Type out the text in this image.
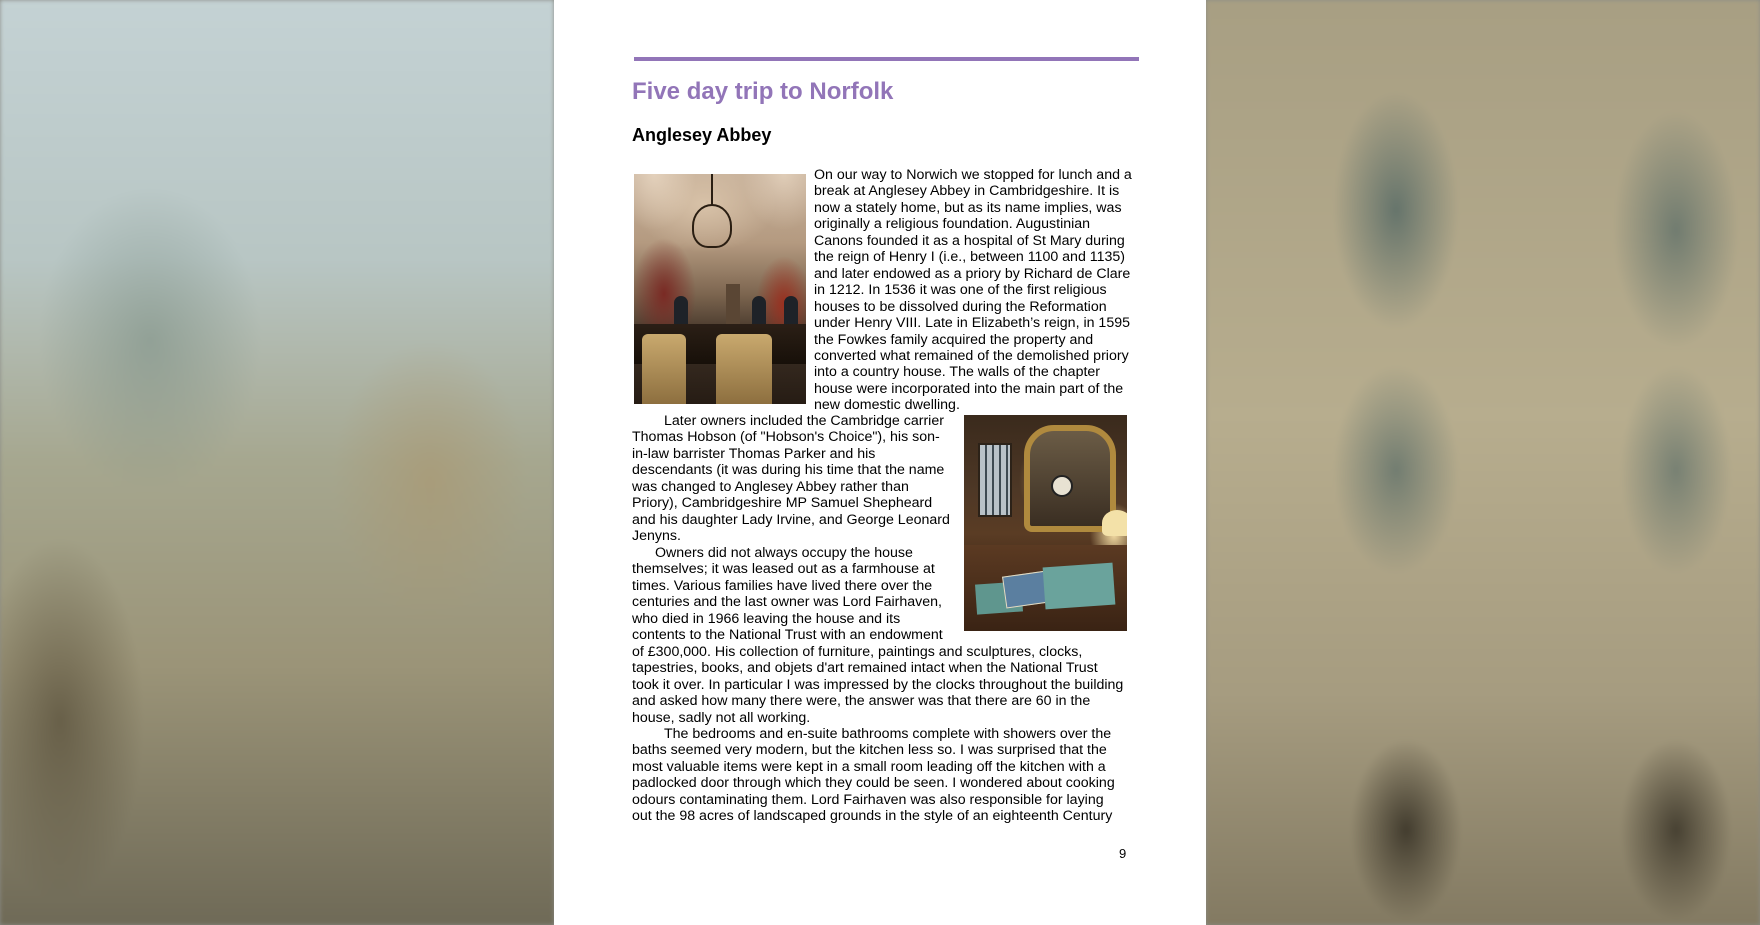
Five day trip to Norfolk
Anglesey Abbey
On our way to Norwich we stopped for lunch and a
break at Anglesey Abbey in Cambridgeshire. It is
now a stately home, but as its name implies, was
originally a religious foundation. Augustinian
Canons founded it as a hospital of St Mary during
the reign of Henry I (i.e., between 1100 and 1135)
and later endowed as a priory by Richard de Clare
in 1212. In 1536 it was one of the first religious
houses to be dissolved during the Reformation
under Henry VIII. Late in Elizabeth’s reign, in 1595
the Fowkes family acquired the property and
converted what remained of the demolished priory
into a country house. The walls of the chapter
house were incorporated into the main part of the
new domestic dwelling.
Later owners included the Cambridge carrier
Thomas Hobson (of "Hobson's Choice"), his son-
in-law barrister Thomas Parker and his
descendants (it was during his time that the name
was changed to Anglesey Abbey rather than
Priory), Cambridgeshire MP Samuel Shepheard
and his daughter Lady Irvine, and George Leonard
Jenyns.
Owners did not always occupy the house
themselves; it was leased out as a farmhouse at
times. Various families have lived there over the
centuries and the last owner was Lord Fairhaven,
who died in 1966 leaving the house and its
contents to the National Trust with an endowment
of £300,000. His collection of furniture, paintings and sculptures, clocks,
tapestries, books, and objets d'art remained intact when the National Trust
took it over. In particular I was impressed by the clocks throughout the building
and asked how many there were, the answer was that there are 60 in the
house, sadly not all working.
The bedrooms and en-suite bathrooms complete with showers over the
baths seemed very modern, but the kitchen less so. I was surprised that the
most valuable items were kept in a small room leading off the kitchen with a
padlocked door through which they could be seen. I wondered about cooking
odours contaminating them. Lord Fairhaven was also responsible for laying
out the 98 acres of landscaped grounds in the style of an eighteenth Century
9
